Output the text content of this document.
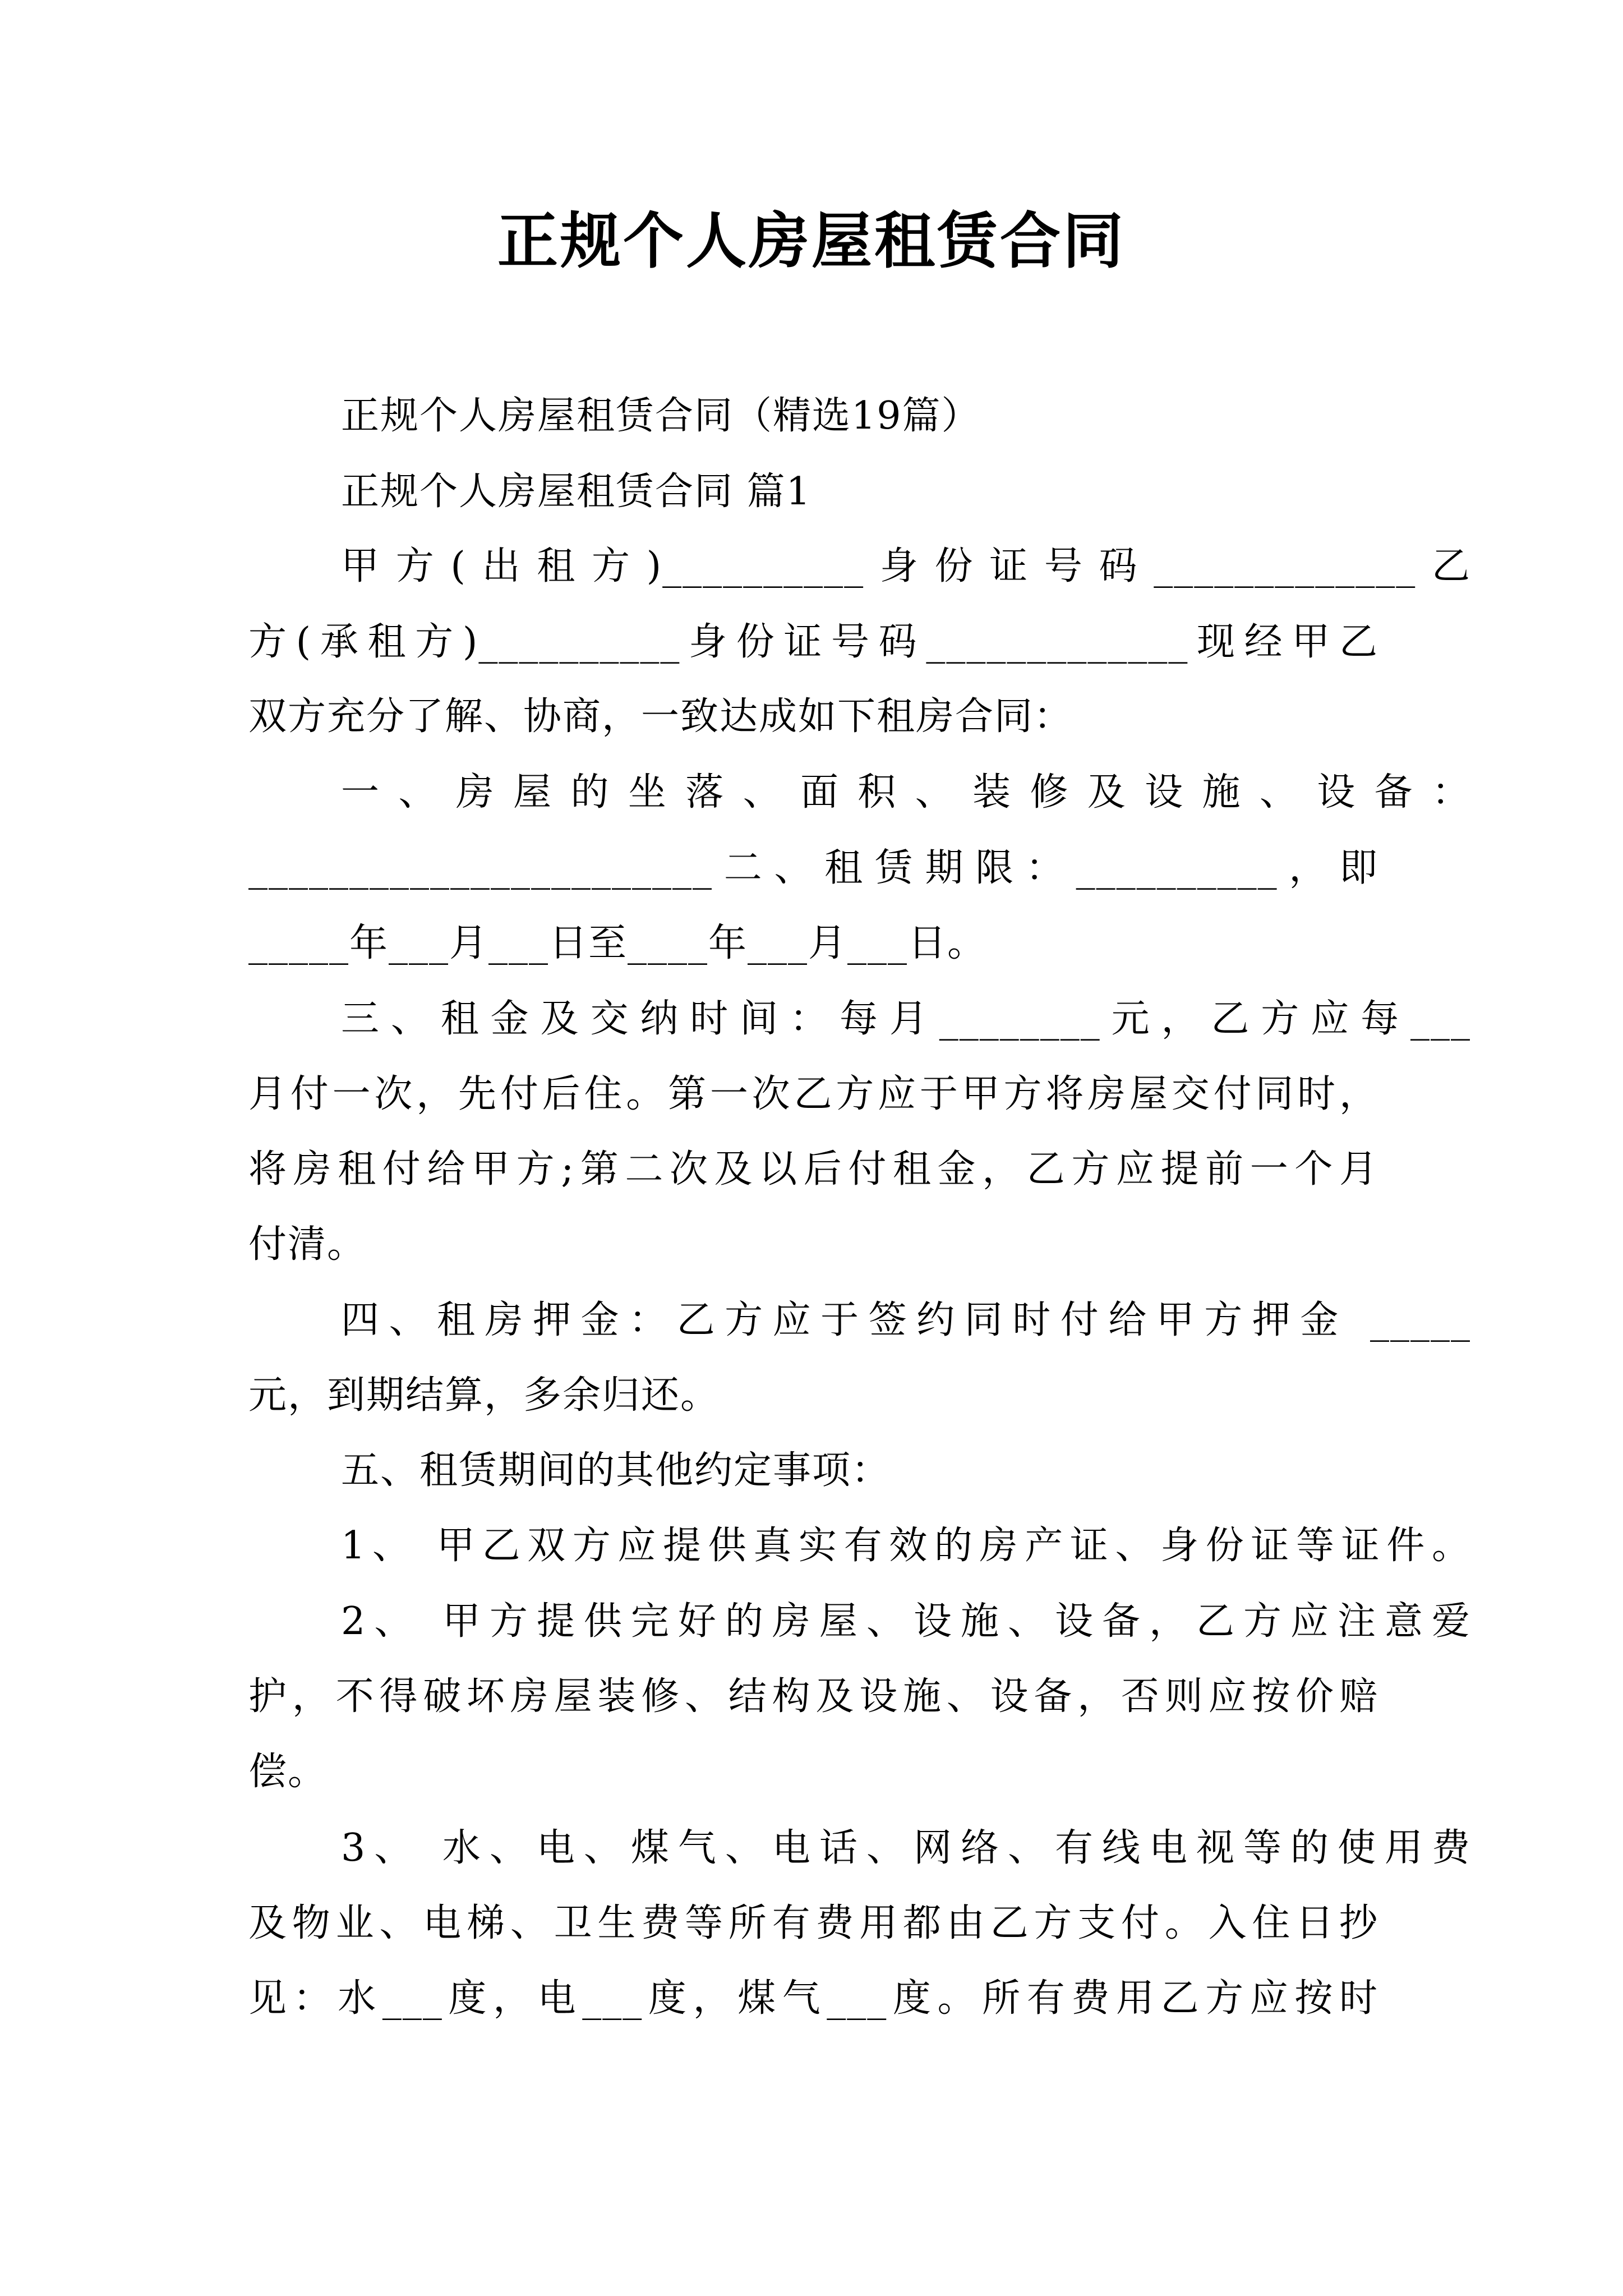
正规个人房屋租赁合同
正规个人房屋租赁合同（精选19篇）
正规个人房屋租赁合同 篇1
甲方(出租方)__________身份证号码_____________乙
方(承租方)__________身份证号码_____________现经甲乙
双方充分了解、协商，一致达成如下租房合同：
一、房屋的坐落、面积、装修及设施、设备：
_______________________二、租赁期限：__________，即
_____年___月___日至____年___月___日。
三、租金及交纳时间：每月________元，乙方应每___
月付一次，先付后住。第一次乙方应于甲方将房屋交付同时，
将房租付给甲方;第二次及以后付租金，乙方应提前一个月
付清。
四、租房押金：乙方应于签约同时付给甲方押金 _____
元，到期结算，多余归还。
五、租赁期间的其他约定事项：
1、 甲乙双方应提供真实有效的房产证、身份证等证件。
2、 甲方提供完好的房屋、设施、设备，乙方应注意爱
护，不得破坏房屋装修、结构及设施、设备，否则应按价赔
偿。
3、 水、电、煤气、电话、网络、有线电视等的使用费
及物业、电梯、卫生费等所有费用都由乙方支付。入住日抄
见：水___度，电___度，煤气___度。所有费用乙方应按时
